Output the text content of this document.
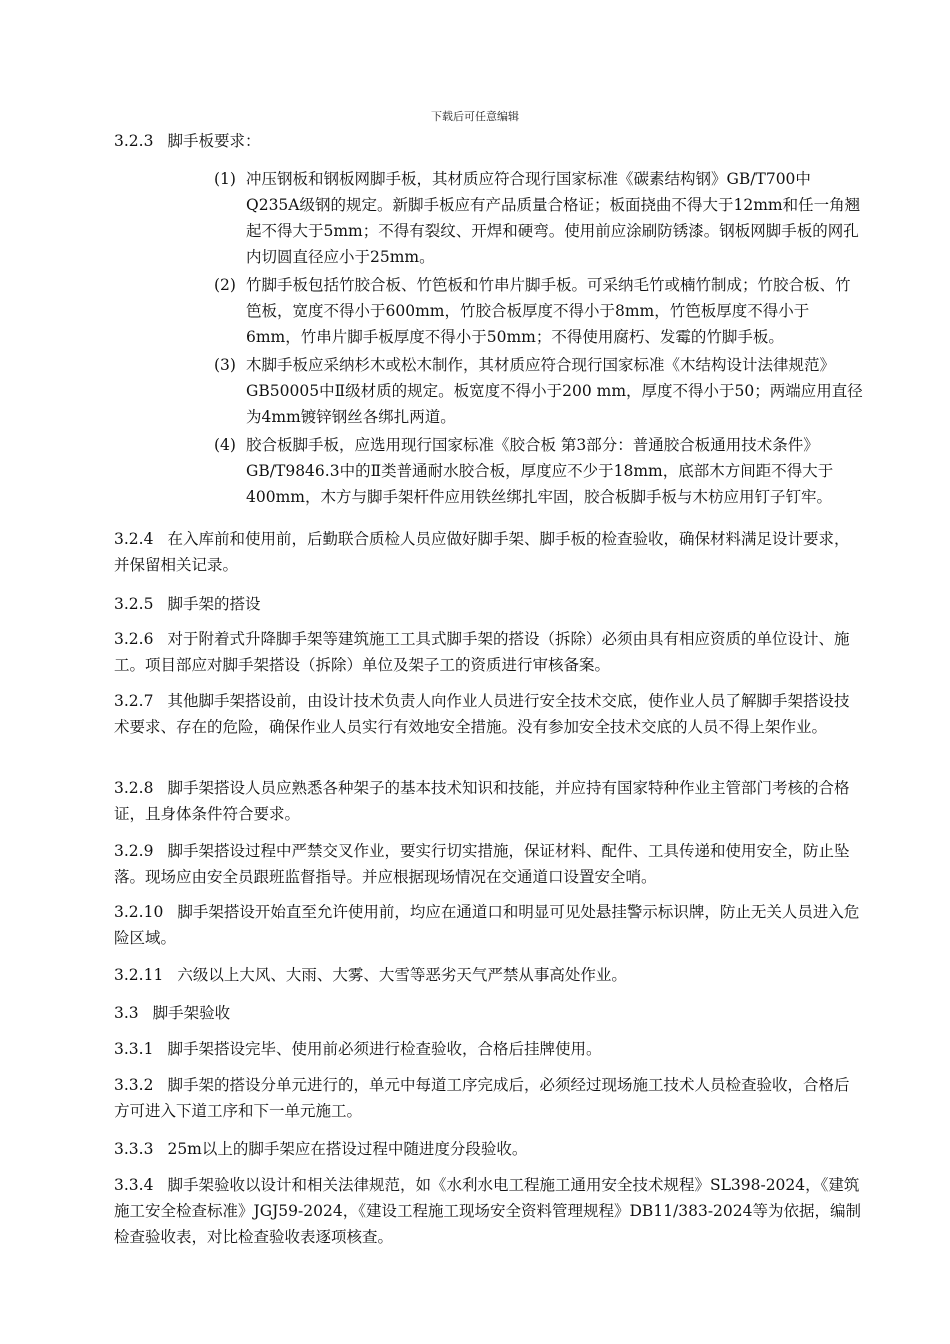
下载后可任意编辑

3.2.3 脚手板要求：

(1) 冲压钢板和钢板网脚手板，其材质应符合现行国家标准《碳素结构钢》GB/T700中Q235A级钢的规定。新脚手板应有产品质量合格证；板面挠曲不得大于12mm和任一角翘起不得大于5mm；不得有裂纹、开焊和硬弯。使用前应涂刷防锈漆。钢板网脚手板的网孔内切圆直径应小于25mm。
(2) 竹脚手板包括竹胶合板、竹笆板和竹串片脚手板。可采纳毛竹或楠竹制成；竹胶合板、竹笆板，宽度不得小于600mm，竹胶合板厚度不得小于8mm，竹笆板厚度不得小于6mm，竹串片脚手板厚度不得小于50mm；不得使用腐朽、发霉的竹脚手板。
(3) 木脚手板应采纳杉木或松木制作，其材质应符合现行国家标准《木结构设计法律规范》GB50005中Ⅱ级材质的规定。板宽度不得小于200 mm，厚度不得小于50；两端应用直径为4mm镀锌钢丝各绑扎两道。
(4) 胶合板脚手板，应选用现行国家标准《胶合板 第3部分：普通胶合板通用技术条件》GB/T9846.3中的Ⅱ类普通耐水胶合板，厚度应不少于18mm，底部木方间距不得大于400mm，木方与脚手架杆件应用铁丝绑扎牢固，胶合板脚手板与木枋应用钉子钉牢。

3.2.4 在入库前和使用前，后勤联合质检人员应做好脚手架、脚手板的检查验收，确保材料满足设计要求，并保留相关记录。

3.2.5 脚手架的搭设

3.2.6 对于附着式升降脚手架等建筑施工工具式脚手架的搭设（拆除）必须由具有相应资质的单位设计、施工。项目部应对脚手架搭设（拆除）单位及架子工的资质进行审核备案。

3.2.7 其他脚手架搭设前，由设计技术负责人向作业人员进行安全技术交底，使作业人员了解脚手架搭设技术要求、存在的危险，确保作业人员实行有效地安全措施。没有参加安全技术交底的人员不得上架作业。

3.2.8 脚手架搭设人员应熟悉各种架子的基本技术知识和技能，并应持有国家特种作业主管部门考核的合格证，且身体条件符合要求。

3.2.9 脚手架搭设过程中严禁交叉作业，要实行切实措施，保证材料、配件、工具传递和使用安全，防止坠落。现场应由安全员跟班监督指导。并应根据现场情况在交通道口设置安全哨。

3.2.10 脚手架搭设开始直至允许使用前，均应在通道口和明显可见处悬挂警示标识牌，防止无关人员进入危险区域。

3.2.11 六级以上大风、大雨、大雾、大雪等恶劣天气严禁从事高处作业。

3.3 脚手架验收

3.3.1 脚手架搭设完毕、使用前必须进行检查验收，合格后挂牌使用。

3.3.2 脚手架的搭设分单元进行的，单元中每道工序完成后，必须经过现场施工技术人员检查验收，合格后方可进入下道工序和下一单元施工。

3.3.3 25m以上的脚手架应在搭设过程中随进度分段验收。

3.3.4 脚手架验收以设计和相关法律规范，如《水利水电工程施工通用安全技术规程》SL398-2024，《建筑施工安全检查标准》JGJ59-2024，《建设工程施工现场安全资料管理规程》DB11/383-2024等为依据，编制检查验收表，对比检查验收表逐项核查。
